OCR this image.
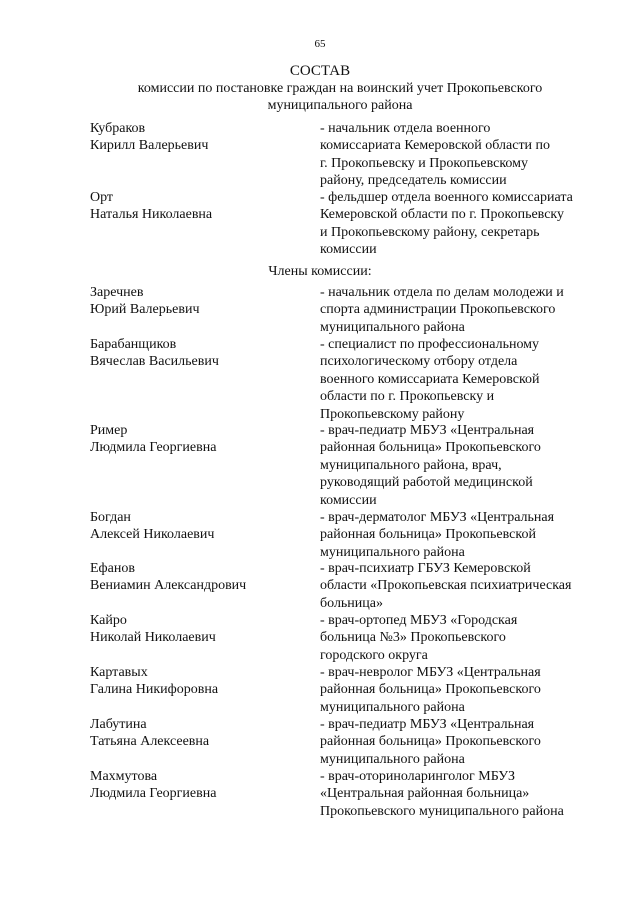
65
СОСТАВ
комиссии по постановке граждан на воинский учет Прокопьевского
муниципального района
Кубраков
Кирилл Валерьевич
- начальник отдела военного
комиссариата Кемеровской области по
г. Прокопьевску и Прокопьевскому
району, председатель комиссии
Орт
Наталья Николаевна
- фельдшер отдела военного комиссариата
Кемеровской области по г. Прокопьевску
и Прокопьевскому району, секретарь
комиссии
Члены комиссии:
Заречнев
Юрий Валерьевич
- начальник отдела по делам молодежи и
спорта администрации Прокопьевского
муниципального района
Барабанщиков
Вячеслав Васильевич
- специалист по профессиональному
психологическому отбору отдела
военного комиссариата Кемеровской
области по г. Прокопьевску и
Прокопьевскому району
Ример
Людмила Георгиевна
- врач-педиатр МБУЗ «Центральная
районная больница» Прокопьевского
муниципального района, врач,
руководящий работой медицинской
комиссии
Богдан
Алексей Николаевич
- врач-дерматолог МБУЗ «Центральная
районная больница» Прокопьевской
муниципального района
Ефанов
Вениамин Александрович
- врач-психиатр ГБУЗ Кемеровской
области «Прокопьевская психиатрическая
больница»
Кайро
Николай Николаевич
- врач-ортопед МБУЗ «Городская
больница №3» Прокопьевского
городского округа
Картавых
Галина Никифоровна
- врач-невролог МБУЗ «Центральная
районная больница» Прокопьевского
муниципального района
Лабутина
Татьяна Алексеевна
- врач-педиатр МБУЗ «Центральная
районная больница» Прокопьевского
муниципального района
Махмутова
Людмила Георгиевна
- врач-оториноларинголог МБУЗ
«Центральная районная больница»
Прокопьевского муниципального района
